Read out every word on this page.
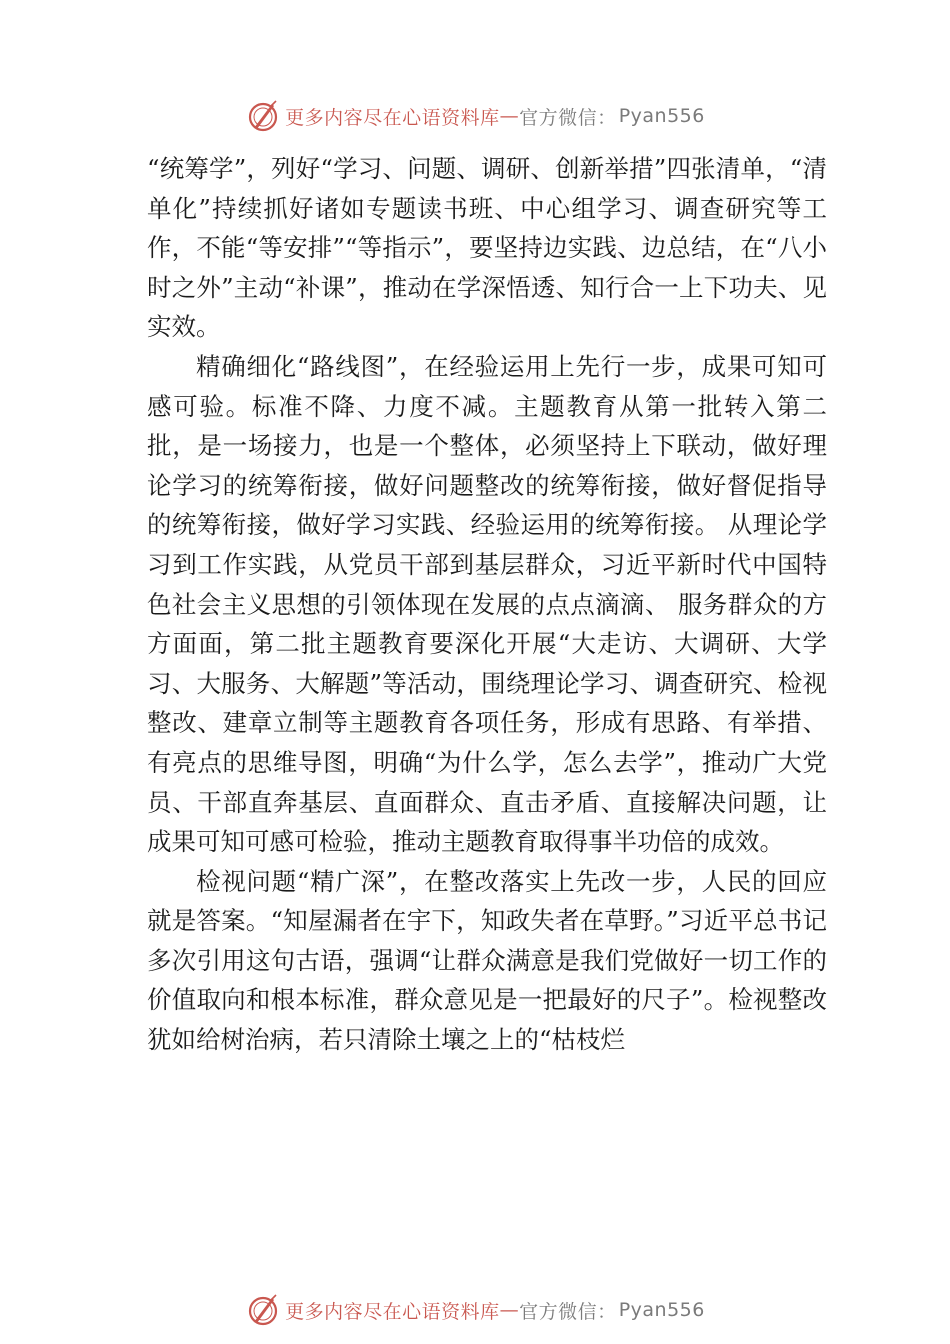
更多内容尽在心语资料库 — 官方微信： Pyan556

“统筹学”，列好“学习、问题、调研、创新举措”四张清单，“清单化”持续抓好诸如专题读书班、中心组学习、调查研究等工作，不能“等安排”“等指示”，要坚持边实践、边总结，在“八小时之外”主动“补课”，推动在学深悟透、知行合一上下功夫、见实效。

精确细化“路线图”，在经验运用上先行一步，成果可知可感可验。标准不降、力度不减。主题教育从第一批转入第二批，是一场接力，也是一个整体，必须坚持上下联动，做好理论学习的统筹衔接，做好问题整改的统筹衔接，做好督促指导的统筹衔接，做好学习实践、经验运用的统筹衔接。 从理论学习到工作实践，从党员干部到基层群众，习近平新时代中国特色社会主义思想的引领体现在发展的点点滴滴、 服务群众的方方面面，第二批主题教育要深化开展“大走访、大调研、大学习、大服务、大解题”等活动，围绕理论学习、调查研究、检视整改、建章立制等主题教育各项任务，形成有思路、有举措、有亮点的思维导图，明确“为什么学，怎么去学”，推动广大党员、干部直奔基层、直面群众、直击矛盾、直接解决问题，让成果可知可感可检验，推动主题教育取得事半功倍的成效。

检视问题“精广深”，在整改落实上先改一步，人民的回应就是答案。“知屋漏者在宇下，知政失者在草野。”习近平总书记多次引用这句古语，强调“让群众满意是我们党做好一切工作的价值取向和根本标准，群众意见是一把最好的尺子”。检视整改犹如给树治病，若只清除土壤之上的“枯枝烂

更多内容尽在心语资料库 — 官方微信： Pyan556
